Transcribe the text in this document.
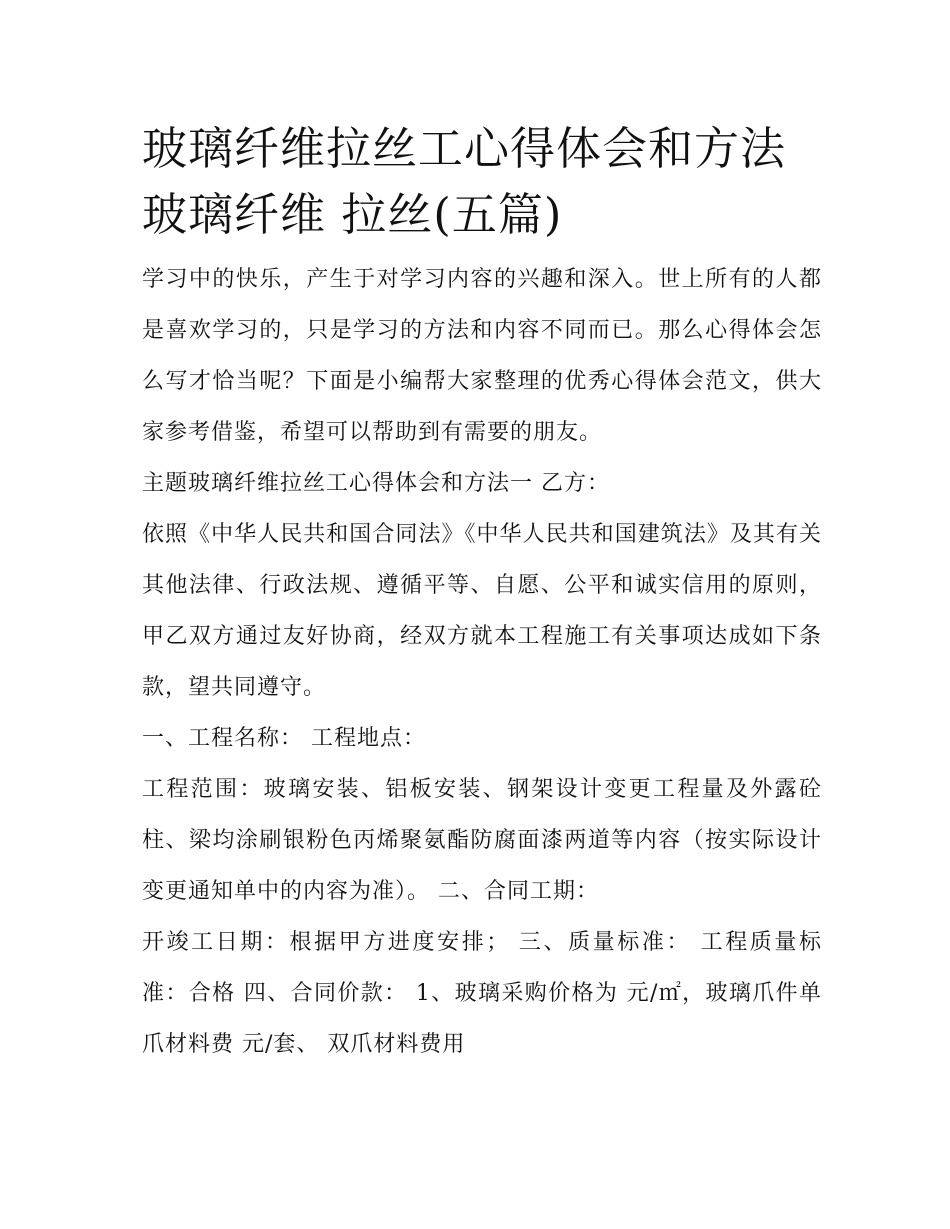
玻璃纤维拉丝工心得体会和方法 玻璃纤维 拉丝(五篇)

学习中的快乐，产生于对学习内容的兴趣和深入。世上所有的人都是喜欢学习的，只是学习的方法和内容不同而已。那么心得体会怎么写才恰当呢？下面是小编帮大家整理的优秀心得体会范文，供大家参考借鉴，希望可以帮助到有需要的朋友。

主题玻璃纤维拉丝工心得体会和方法一 乙方：

依照《中华人民共和国合同法》《中华人民共和国建筑法》及其有关其他法律、行政法规、遵循平等、自愿、公平和诚实信用的原则，甲乙双方通过友好协商，经双方就本工程施工有关事项达成如下条款，望共同遵守。

一、工程名称： 工程地点：

工程范围：玻璃安装、铝板安装、钢架设计变更工程量及外露砼柱、梁均涂刷银粉色丙烯聚氨酯防腐面漆两道等内容（按实际设计变更通知单中的内容为准）。 二、合同工期：

开竣工日期：根据甲方进度安排； 三、质量标准： 工程质量标准：合格 四、合同价款： 1、玻璃采购价格为 元/㎡，玻璃爪件单爪材料费 元/套、 双爪材料费用
